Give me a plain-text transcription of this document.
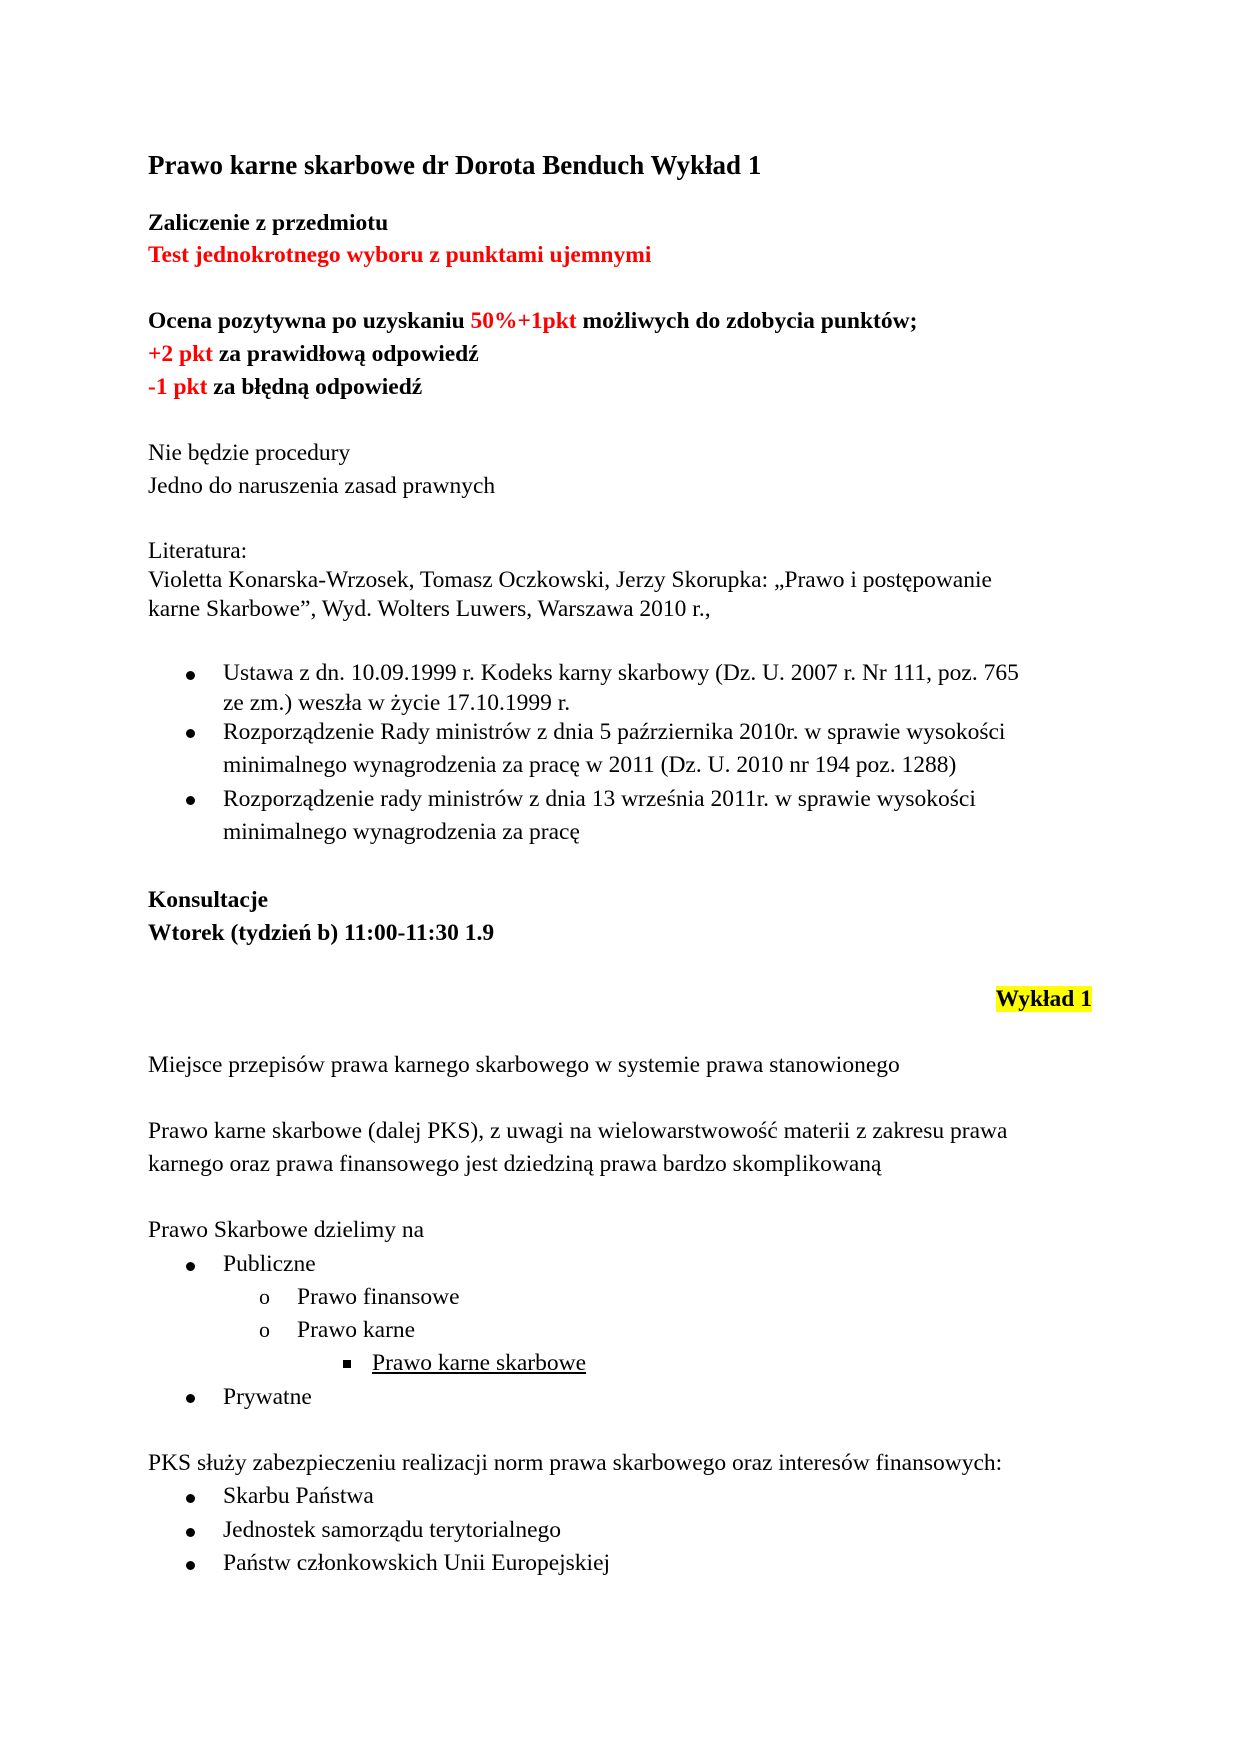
Prawo karne skarbowe dr Dorota Benduch Wykład 1
Zaliczenie z przedmiotu
Test jednokrotnego wyboru z punktami ujemnymi
Ocena pozytywna po uzyskaniu 50%+1pkt możliwych do zdobycia punktów;
+2 pkt za prawidłową odpowiedź
-1 pkt za błędną odpowiedź
Nie będzie procedury
Jedno do naruszenia zasad prawnych
Literatura:
Violetta Konarska-Wrzosek, Tomasz Oczkowski, Jerzy Skorupka: „Prawo i postępowanie
karne Skarbowe”, Wyd. Wolters Luwers, Warszawa 2010 r.,
Ustawa z dn. 10.09.1999 r. Kodeks karny skarbowy (Dz. U. 2007 r. Nr 111, poz. 765
ze zm.) weszła w życie 17.10.1999 r.
Rozporządzenie Rady ministrów z dnia 5 paźrziernika 2010r. w sprawie wysokości
minimalnego wynagrodzenia za pracę w 2011 (Dz. U. 2010 nr 194 poz. 1288)
Rozporządzenie rady ministrów z dnia 13 września 2011r. w sprawie wysokości
minimalnego wynagrodzenia za pracę
Konsultacje
Wtorek (tydzień b) 11:00-11:30 1.9
Wykład 1
Miejsce przepisów prawa karnego skarbowego w systemie prawa stanowionego
Prawo karne skarbowe (dalej PKS), z uwagi na wielowarstwowość materii z zakresu prawa
karnego oraz prawa finansowego jest dziedziną prawa bardzo skomplikowaną
Prawo Skarbowe dzielimy na
Publiczne
o Prawo finansowe
o Prawo karne
Prawo karne skarbowe
Prywatne
PKS służy zabezpieczeniu realizacji norm prawa skarbowego oraz interesów finansowych:
Skarbu Państwa
Jednostek samorządu terytorialnego
Państw członkowskich Unii Europejskiej
